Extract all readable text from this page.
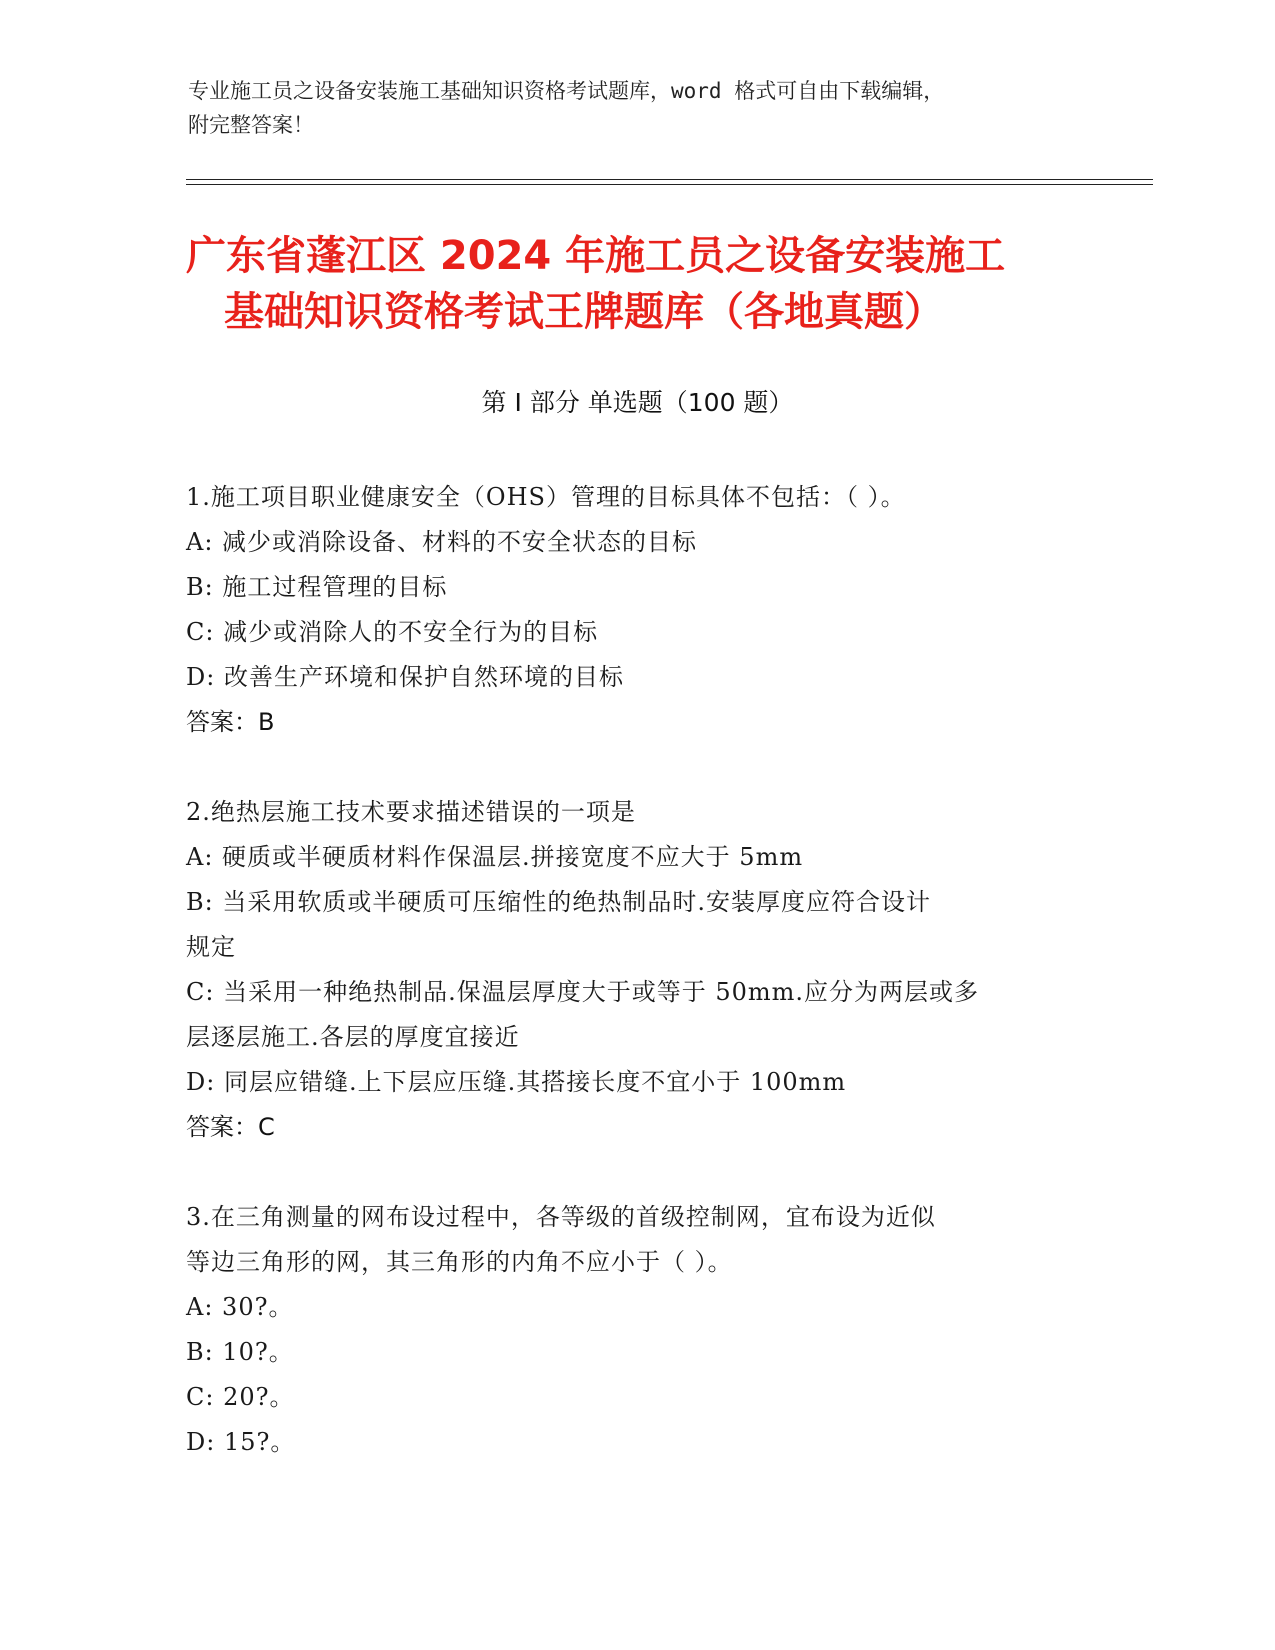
专业施工员之设备安装施工基础知识资格考试题库，word 格式可自由下载编辑，
附完整答案！
广东省蓬江区 2024 年施工员之设备安装施工
基础知识资格考试王牌题库（各地真题）
第 I 部分 单选题（100 题）
1.施工项目职业健康安全（OHS）管理的目标具体不包括：（ ）。
A: 减少或消除设备、材料的不安全状态的目标
B: 施工过程管理的目标
C: 减少或消除人的不安全行为的目标
D: 改善生产环境和保护自然环境的目标
答案：B
2.绝热层施工技术要求描述错误的一项是
A: 硬质或半硬质材料作保温层.拼接宽度不应大于 5mm
B: 当采用软质或半硬质可压缩性的绝热制品时.安装厚度应符合设计
规定
C: 当采用一种绝热制品.保温层厚度大于或等于 50mm.应分为两层或多
层逐层施工.各层的厚度宜接近
D: 同层应错缝.上下层应压缝.其搭接长度不宜小于 100mm
答案：C
3.在三角测量的网布设过程中，各等级的首级控制网，宜布设为近似
等边三角形的网，其三角形的内角不应小于（ ）。
A: 30?。
B: 10?。
C: 20?。
D: 15?。
